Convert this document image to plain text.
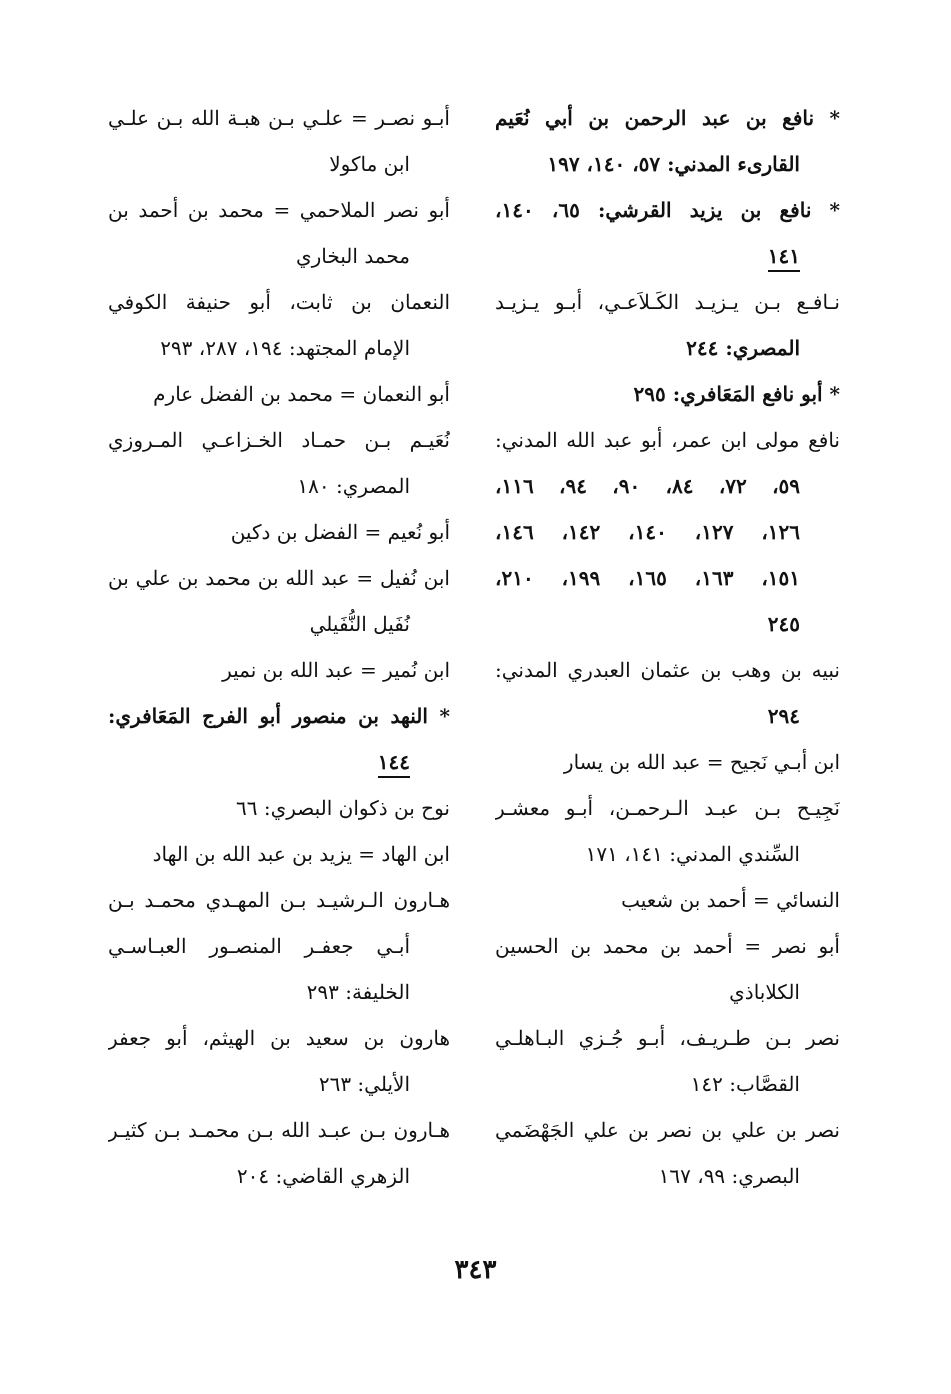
* نافع بن عبد الرحمن بن أبي نُعَيم
القارىء المدني: ٥٧، ١٤٠، ١٩٧
* نافع بن يزيد القرشي: ٦٥، ١٤٠،
١٤١
نـافـع بـن يـزيـد الكَـلاَعـي، أبـو يـزيـد
المصري: ٢٤٤
* أبو نافع المَعَافري: ٢٩٥
نافع مولى ابن عمر، أبو عبد الله المدني:
٥٩، ٧٢، ٨٤، ٩٠، ٩٤، ١١٦،
١٢٦، ١٢٧، ١٤٠، ١٤٢، ١٤٦،
١٥١، ١٦٣، ١٦٥، ١٩٩، ٢١٠،
٢٤٥
نبيه بن وهب بن عثمان العبدري المدني:
٢٩٤
ابن أبـي نَجيح = عبد الله بن يسار
نَجِيـح بـن عبـد الـرحمـن، أبـو معشـر
السِّندي المدني: ١٤١، ١٧١
النسائي = أحمد بن شعيب
أبو نصر = أحمد بن محمد بن الحسين
الكلاباذي
نصر بـن طـريـف، أبـو جُـزي البـاهلـي
القصَّاب: ١٤٢
نصر بن علي بن نصر بن علي الجَهْضَمي
البصري: ٩٩، ١٦٧
أبـو نصـر = علـي بـن هبـة الله بـن علـي
ابن ماكولا
أبو نصر الملاحمي = محمد بن أحمد بن
محمد البخاري
النعمان بن ثابت، أبو حنيفة الكوفي
الإمام المجتهد: ١٩٤، ٢٨٧، ٢٩٣
أبو النعمان = محمد بن الفضل عارم
نُعَيـم بـن حمـاد الخـزاعـي المـروزي
المصري: ١٨٠
أبو نُعيم = الفضل بن دكين
ابن نُفيل = عبد الله بن محمد بن علي بن
نُفَيل النُّفَيلي
ابن نُمير = عبد الله بن نمير
* النهد بن منصور أبو الفرج المَعَافري:
١٤٤
نوح بن ذكوان البصري: ٦٦
ابن الهاد = يزيد بن عبد الله بن الهاد
هـارون الـرشيـد بـن المهـدي محمـد بـن
أبـي جعفـر المنصـور العبـاسـي
الخليفة: ٢٩٣
هارون بن سعيد بن الهيثم، أبو جعفر
الأيلي: ٢٦٣
هـارون بـن عبـد الله بـن محمـد بـن كثيـر
الزهري القاضي: ٢٠٤
٣٤٣
